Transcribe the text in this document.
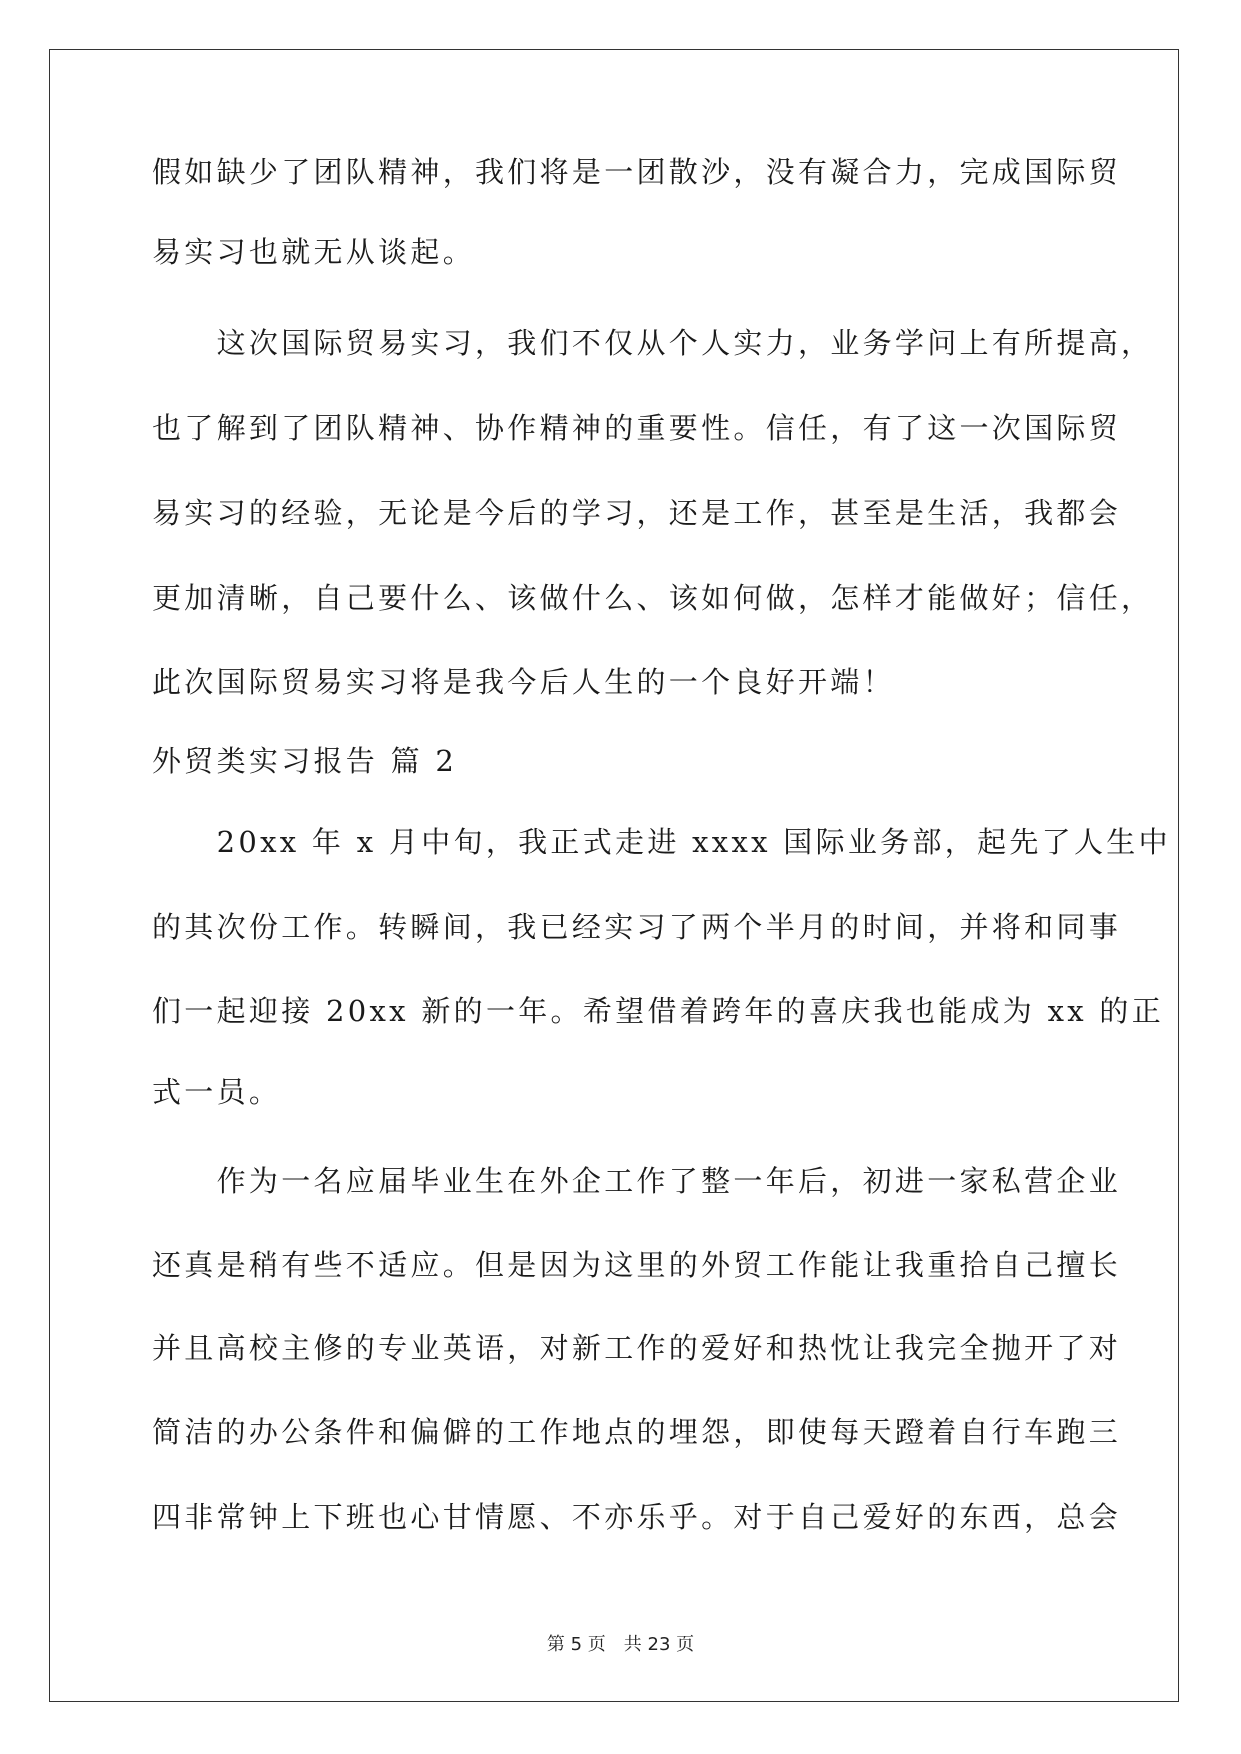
假如缺少了团队精神，我们将是一团散沙，没有凝合力，完成国际贸
易实习也就无从谈起。
　　这次国际贸易实习，我们不仅从个人实力，业务学问上有所提高，
也了解到了团队精神、协作精神的重要性。信任，有了这一次国际贸
易实习的经验，无论是今后的学习，还是工作，甚至是生活，我都会
更加清晰，自己要什么、该做什么、该如何做，怎样才能做好；信任，
此次国际贸易实习将是我今后人生的一个良好开端！
外贸类实习报告 篇 2
　　20xx 年 x 月中旬，我正式走进 xxxx 国际业务部，起先了人生中
的其次份工作。转瞬间，我已经实习了两个半月的时间，并将和同事
们一起迎接 20xx 新的一年。希望借着跨年的喜庆我也能成为 xx 的正
式一员。
　　作为一名应届毕业生在外企工作了整一年后，初进一家私营企业
还真是稍有些不适应。但是因为这里的外贸工作能让我重拾自己擅长
并且高校主修的专业英语，对新工作的爱好和热忱让我完全抛开了对
简洁的办公条件和偏僻的工作地点的埋怨，即使每天蹬着自行车跑三
四非常钟上下班也心甘情愿、不亦乐乎。对于自己爱好的东西，总会
第 5 页　共 23 页
